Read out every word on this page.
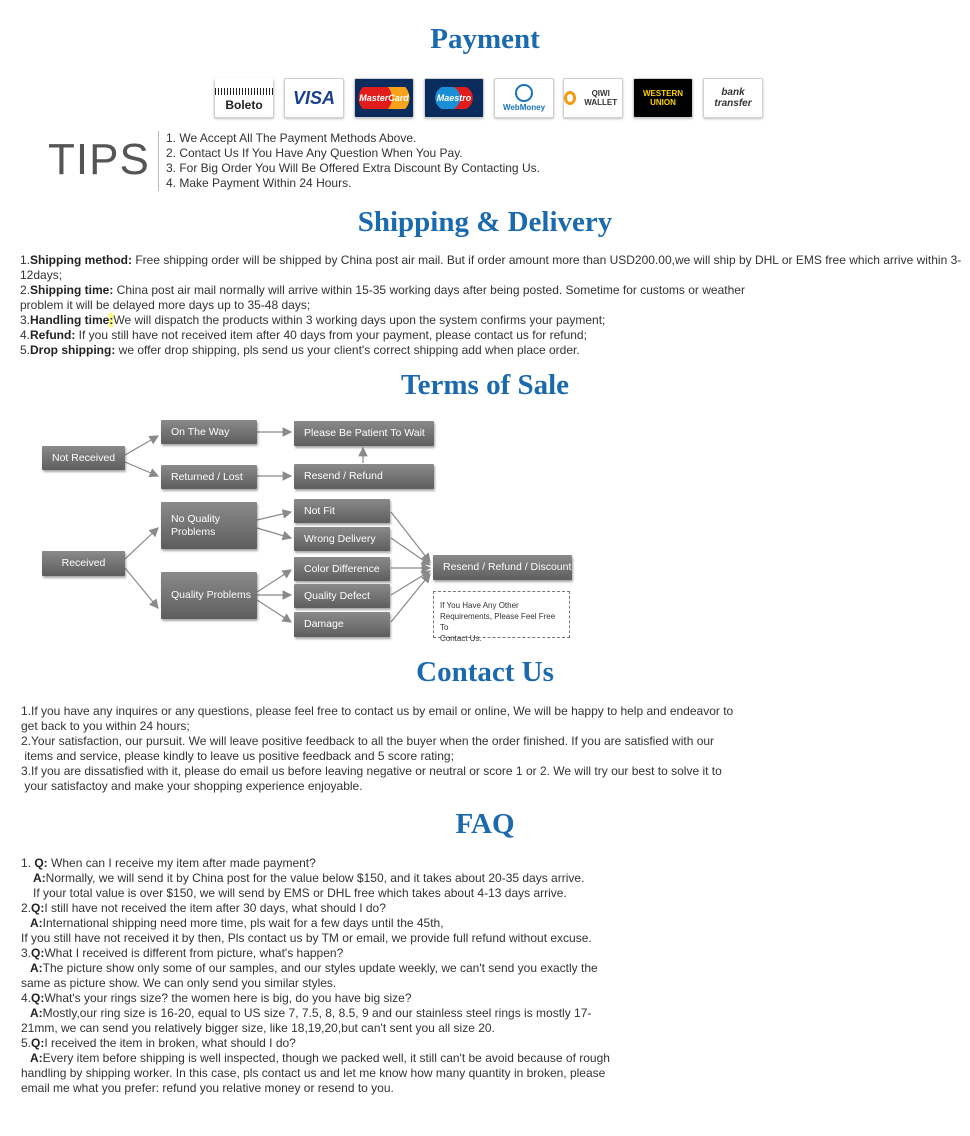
Payment
Boleto VISA	MasterCard	Maestro
WebMoney
QIWI WALLET
WESTERN UNION
bank transfer
TIPS 1. We Accept All The Payment Methods Above.
2. Contact Us If You Have Any Question When You Pay.
3. For Big Order You Will Be Offered Extra Discount By Contacting Us.
4. Make Payment Within 24 Hours.
Shipping & Delivery
1.Shipping method: Free shipping order will be shipped by China post air mail. But if order amount more than USD200.00,we will ship by DHL or EMS free which arrive within 3-
12days;
2.Shipping time: China post air mail normally will arrive within 15-35 working days after being posted. Sometime for customs or weather
problem it will be delayed more days up to 35-48 days;
3.Handling time:We will dispatch the products within 3 working days upon the system confirms your payment;
4.Refund: If you still have not received item after 40 days from your payment, please contact us for refund;
5.Drop shipping: we offer drop shipping, pls send us your client's correct shipping add when place order.
Terms of Sale
Not Received
On The Way
Returned / Lost
Please Be Patient To Wait
Resend / Refund
Received
No Quality
Problems
Quality Problems
Not Fit
Wrong Delivery
Color Difference
Quality Defect
Damage
Resend / Refund / Discount
If You Have Any Other
Requirements, Please Feel Free To
Contact Us.
Contact Us
1.If you have any inquires or any questions, please feel free to contact us by email or online, We will be happy to help and endeavor to
get back to you within 24 hours;
2.Your satisfaction, our pursuit. We will leave positive feedback to all the buyer when the order finished. If you are satisfied with our
items and service, please kindly to leave us positive feedback and 5 score rating;
3.If you are dissatisfied with it, please do email us before leaving negative or neutral or score 1 or 2. We will try our best to solve it to
your satisfactoy and make your shopping experience enjoyable.
FAQ
1. Q: When can I receive my item after made payment?
A:Normally, we will send it by China post for the value below $150, and it takes about 20-35 days arrive.
If your total value is over $150, we will send by EMS or DHL free which takes about 4-13 days arrive.
2.Q:I still have not received the item after 30 days, what should I do?
A:International shipping need more time, pls wait for a few days until the 45th,
If you still have not received it by then, Pls contact us by TM or email, we provide full refund without excuse.
3.Q:What I received is different from picture, what's happen?
A:The picture show only some of our samples, and our styles update weekly, we can't send you exactly the
same as picture show. We can only send you similar styles.
4.Q:What's your rings size? the women here is big, do you have big size?
A:Mostly,our ring size is 16-20, equal to US size 7, 7.5, 8, 8.5, 9 and our stainless steel rings is mostly 17-
21mm, we can send you relatively bigger size, like 18,19,20,but can't sent you all size 20.
5.Q:I received the item in broken, what should I do?
A:Every item before shipping is well inspected, though we packed well, it still can't be avoid because of rough
handling by shipping worker. In this case, pls contact us and let me know how many quantity in broken, please
email me what you prefer: refund you relative money or resend to you.
